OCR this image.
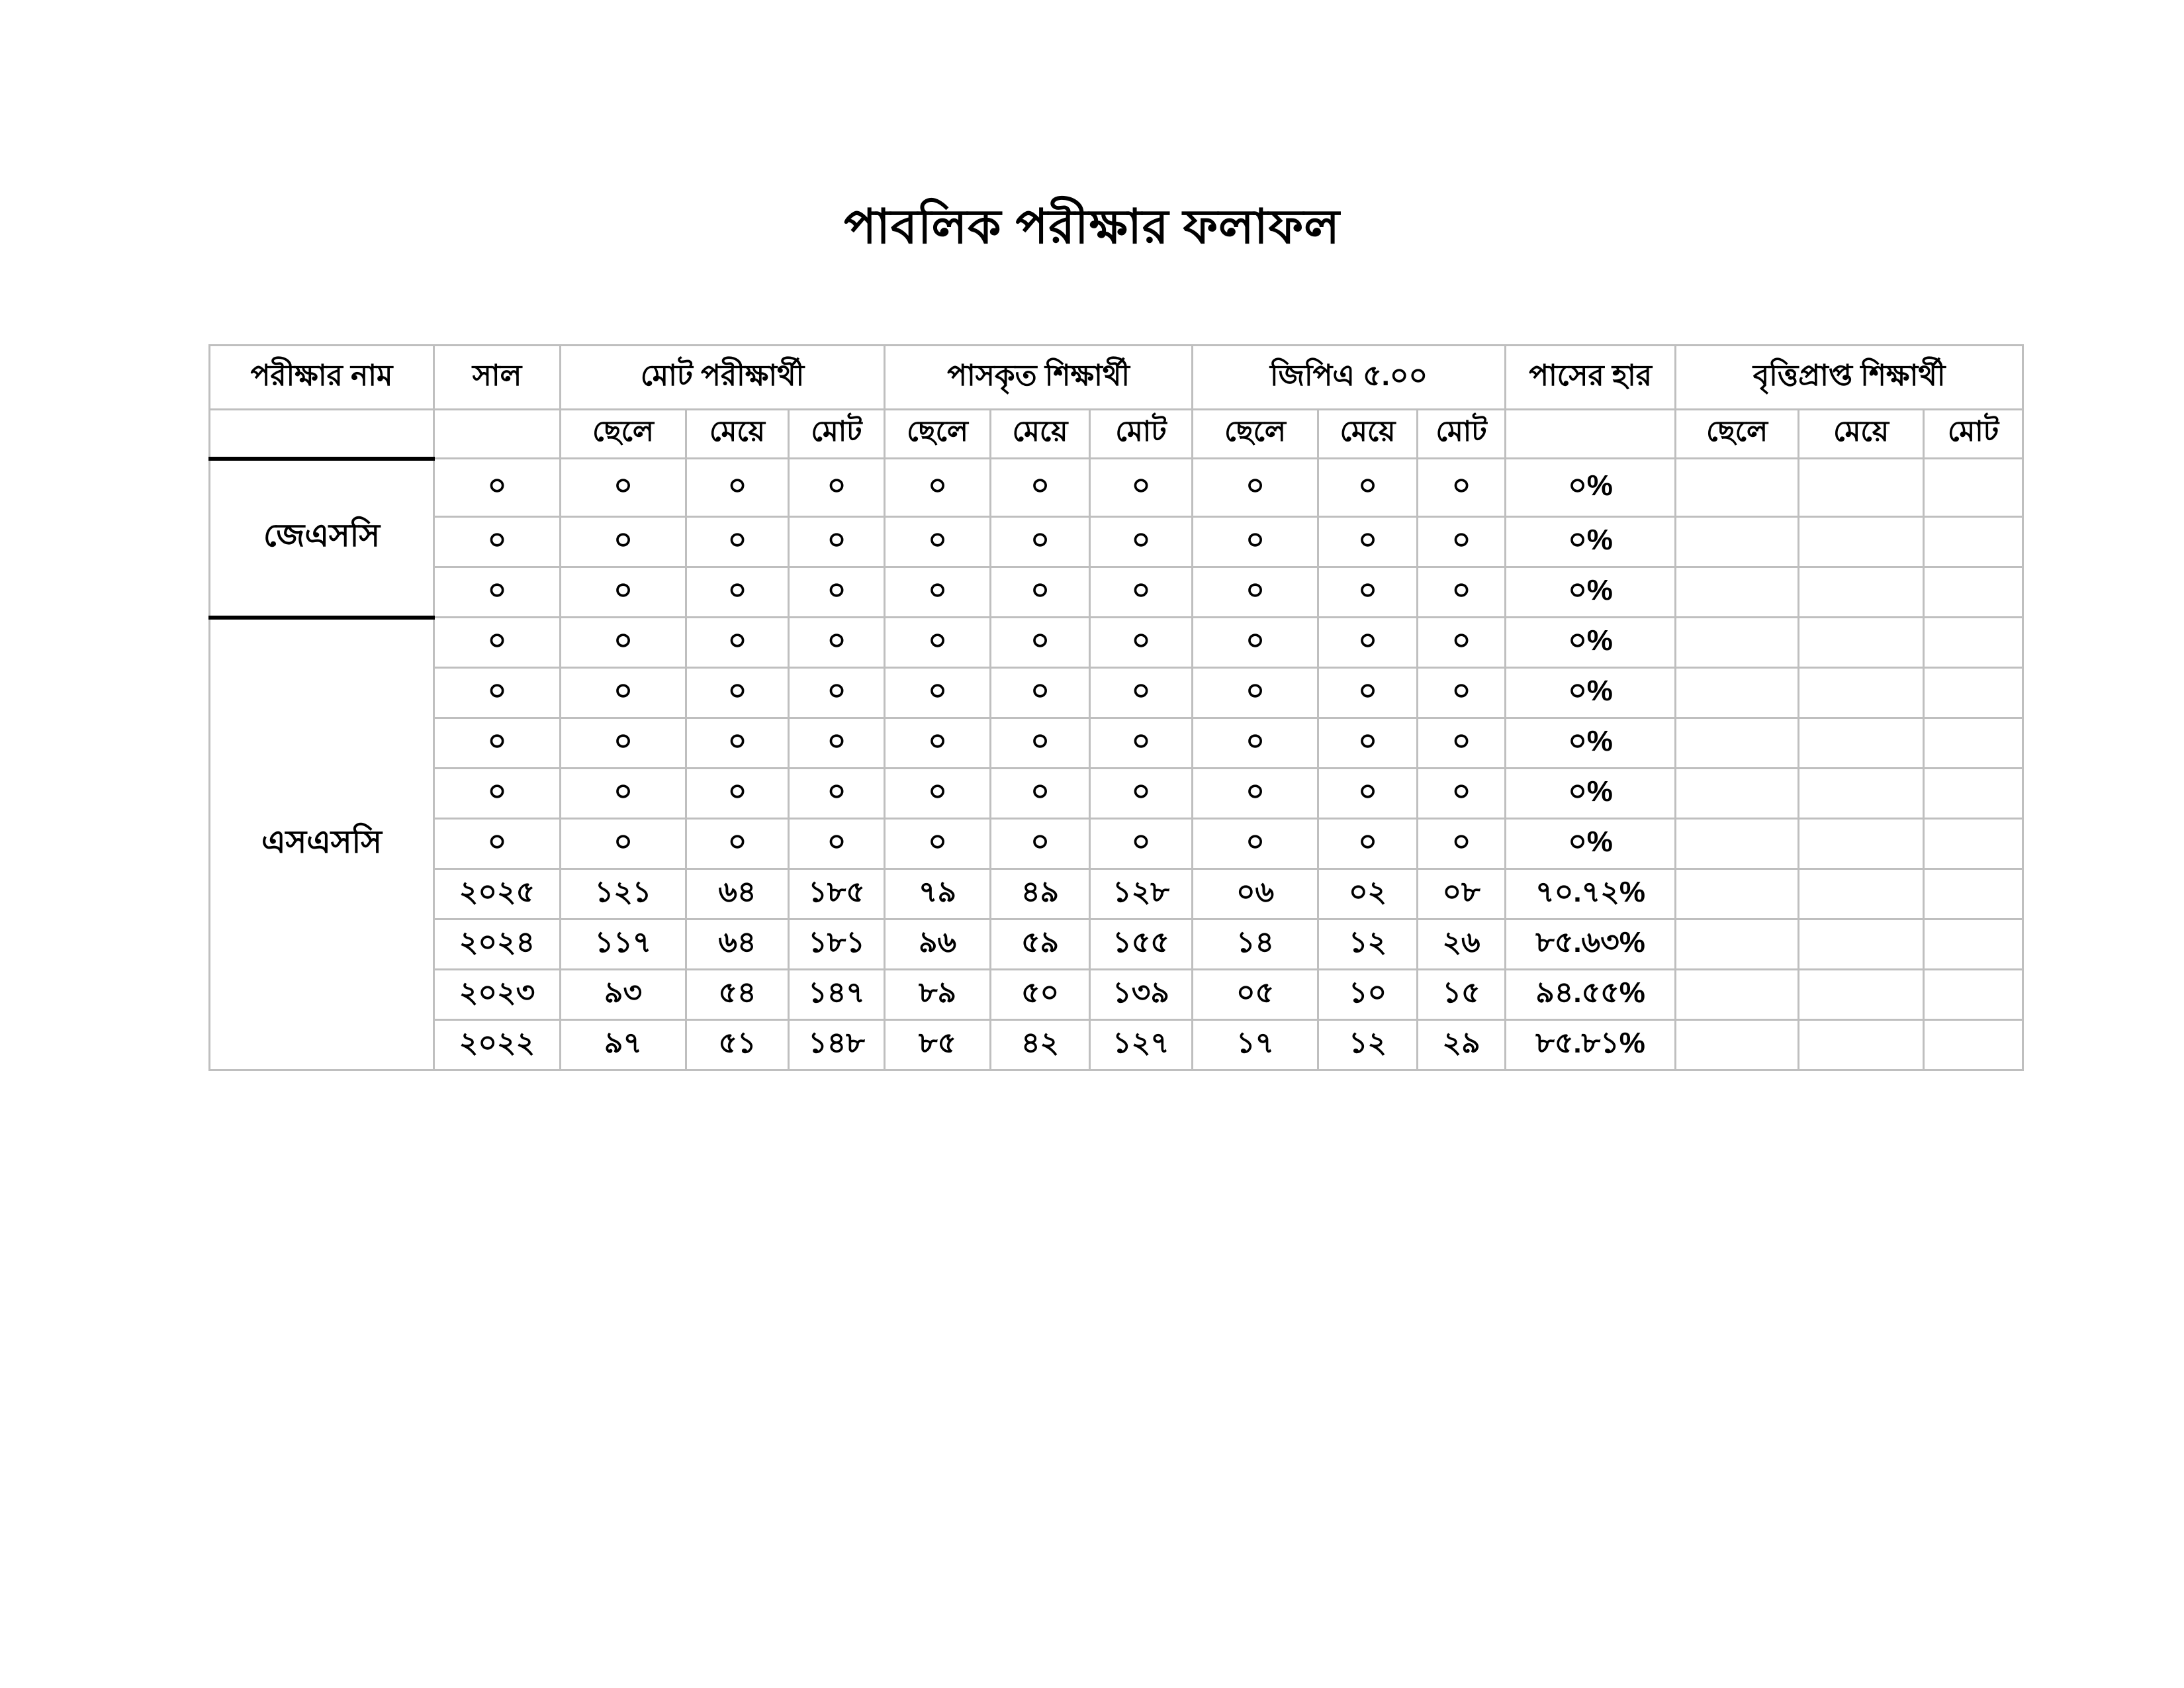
পাবলিক পরীক্ষার ফলাফল
পরীক্ষার নাম	সাল	মোট পরীক্ষার্থী			পাসকৃত শিক্ষার্থী			জিপিএ ৫.০০			পাসের হার	বৃত্তিপ্রাপ্ত শিক্ষার্থী		
		ছেলে	মেয়ে	মোট	ছেলে	মেয়ে	মোট	ছেলে	মেয়ে	মোট		ছেলে	মেয়ে	মোট
জেএসসি	০	০	০	০	০	০	০	০	০	০	০%			
	০	০	০	০	০	০	০	০	০	০	০%			
	০	০	০	০	০	০	০	০	০	০	০%			
এসএসসি	০	০	০	০	০	০	০	০	০	০	০%			
	০	০	০	০	০	০	০	০	০	০	০%			
	০	০	০	০	০	০	০	০	০	০	০%			
	০	০	০	০	০	০	০	০	০	০	০%			
	০	০	০	০	০	০	০	০	০	০	০%			
	২০২৫	১২১	৬৪	১৮৫	৭৯	৪৯	১২৮	০৬	০২	০৮	৭০.৭২%			
	২০২৪	১১৭	৬৪	১৮১	৯৬	৫৯	১৫৫	১৪	১২	২৬	৮৫.৬৩%			
	২০২৩	৯৩	৫৪	১৪৭	৮৯	৫০	১৩৯	০৫	১০	১৫	৯৪.৫৫%			
	২০২২	৯৭	৫১	১৪৮	৮৫	৪২	১২৭	১৭	১২	২৯	৮৫.৮১%			
